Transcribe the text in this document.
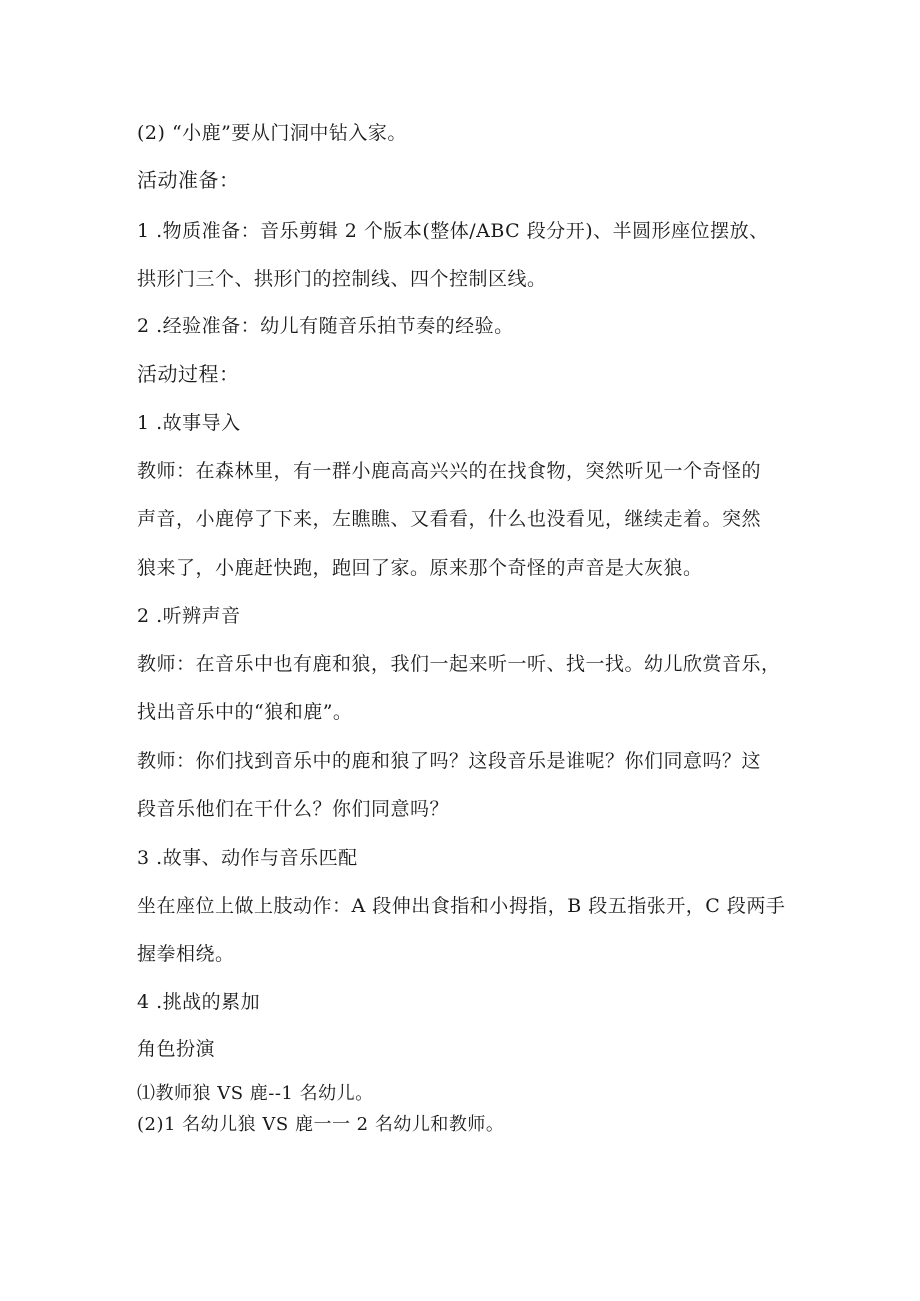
(2) “小鹿”要从门洞中钻入家。

活动准备：

1 .物质准备：音乐剪辑 2 个版本(整体/ABC 段分开)、半圆形座位摆放、

拱形门三个、拱形门的控制线、四个控制区线。

2 .经验准备：幼儿有随音乐拍节奏的经验。

活动过程：

1 .故事导入

教师：在森林里，有一群小鹿高高兴兴的在找食物，突然听见一个奇怪的

声音，小鹿停了下来，左瞧瞧、又看看，什么也没看见，继续走着。突然

狼来了，小鹿赶快跑，跑回了家。原来那个奇怪的声音是大灰狼。

2 .听辨声音

教师：在音乐中也有鹿和狼，我们一起来听一听、找一找。幼儿欣赏音乐，

找出音乐中的“狼和鹿”。

教师：你们找到音乐中的鹿和狼了吗？这段音乐是谁呢？你们同意吗？这

段音乐他们在干什么？你们同意吗？

3 .故事、动作与音乐匹配

坐在座位上做上肢动作：A 段伸出食指和小拇指，B 段五指张开，C 段两手

握拳相绕。

4 .挑战的累加

角色扮演

⑴教师狼 VS 鹿--1 名幼儿。

(2)1 名幼儿狼 VS 鹿一一 2 名幼儿和教师。
